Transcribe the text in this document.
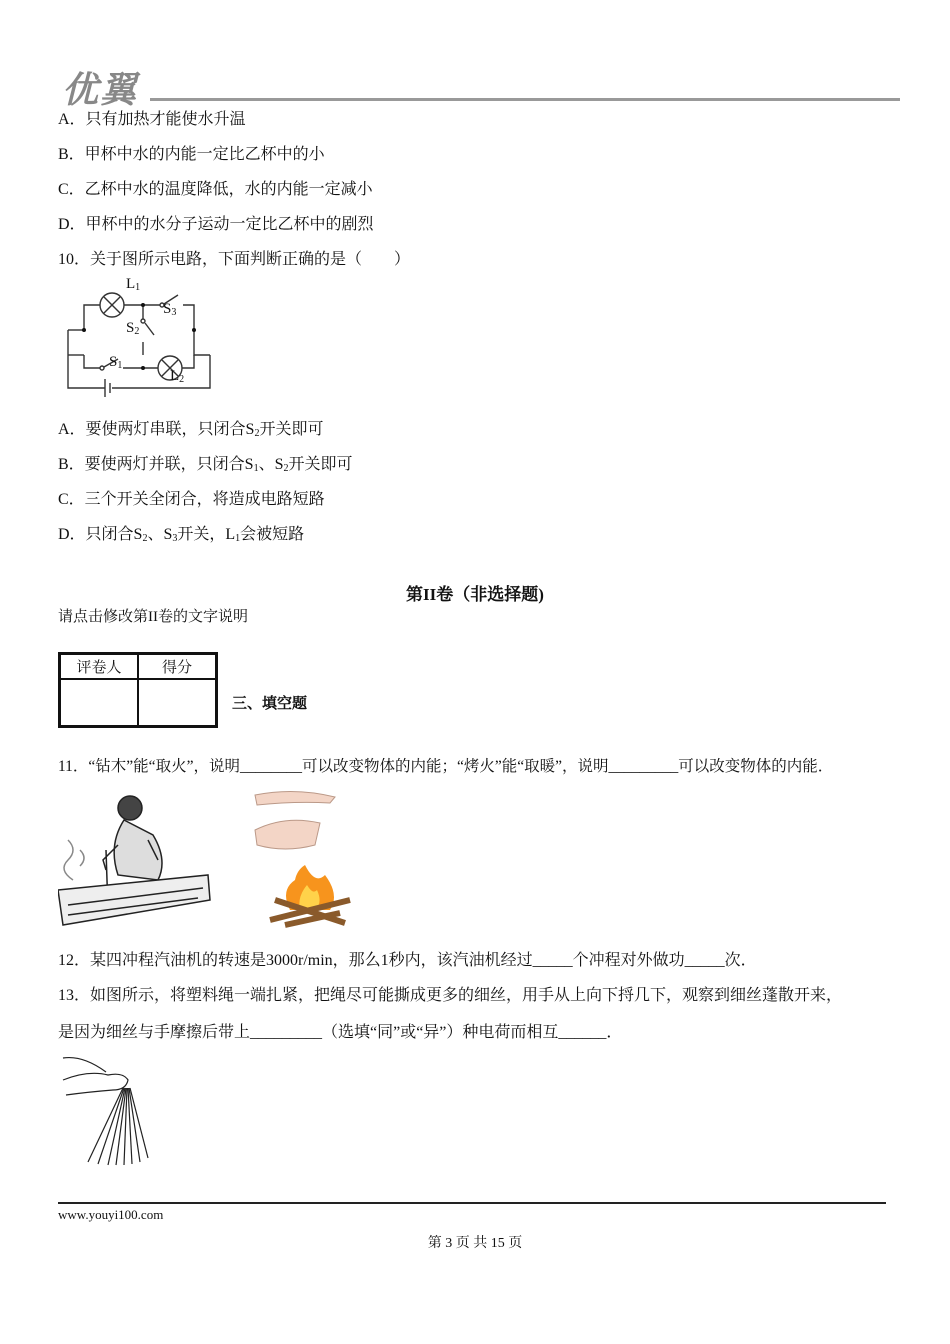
优翼
A．只有加热才能使水升温
B．甲杯中水的内能一定比乙杯中的小
C．乙杯中水的温度降低，水的内能一定减小
D．甲杯中的水分子运动一定比乙杯中的剧烈
10．关于图所示电路，下面判断正确的是（　　）
$L_1$
$S_3$
$S_2$
$S_1$
$L_2$
A．要使两灯串联，只闭合$S_2$开关即可
B．要使两灯并联，只闭合$S_1$、$S_2$开关即可
C．三个开关全闭合，将造成电路短路
D．只闭合$S_2$、$S_3$开关，$L_1$会被短路
第II卷（非选择题)
请点击修改第II卷的文字说明
评卷人	得分

三、填空题
11．“钻木”能“取火”，说明________可以改变物体的内能；“烤火”能“取暖”，说明_________可以改变物体的内能．
12．某四冲程汽油机的转速是3000r/min，那么1秒内，该汽油机经过_____个冲程对外做功_____次．
13．如图所示，将塑料绳一端扎紧，把绳尽可能撕成更多的细丝，用手从上向下捋几下，观察到细丝蓬散开来，
是因为细丝与手摩擦后带上_________（选填“同”或“异”）种电荷而相互______．
www.youyi100.com
第 3 页 共 15 页
